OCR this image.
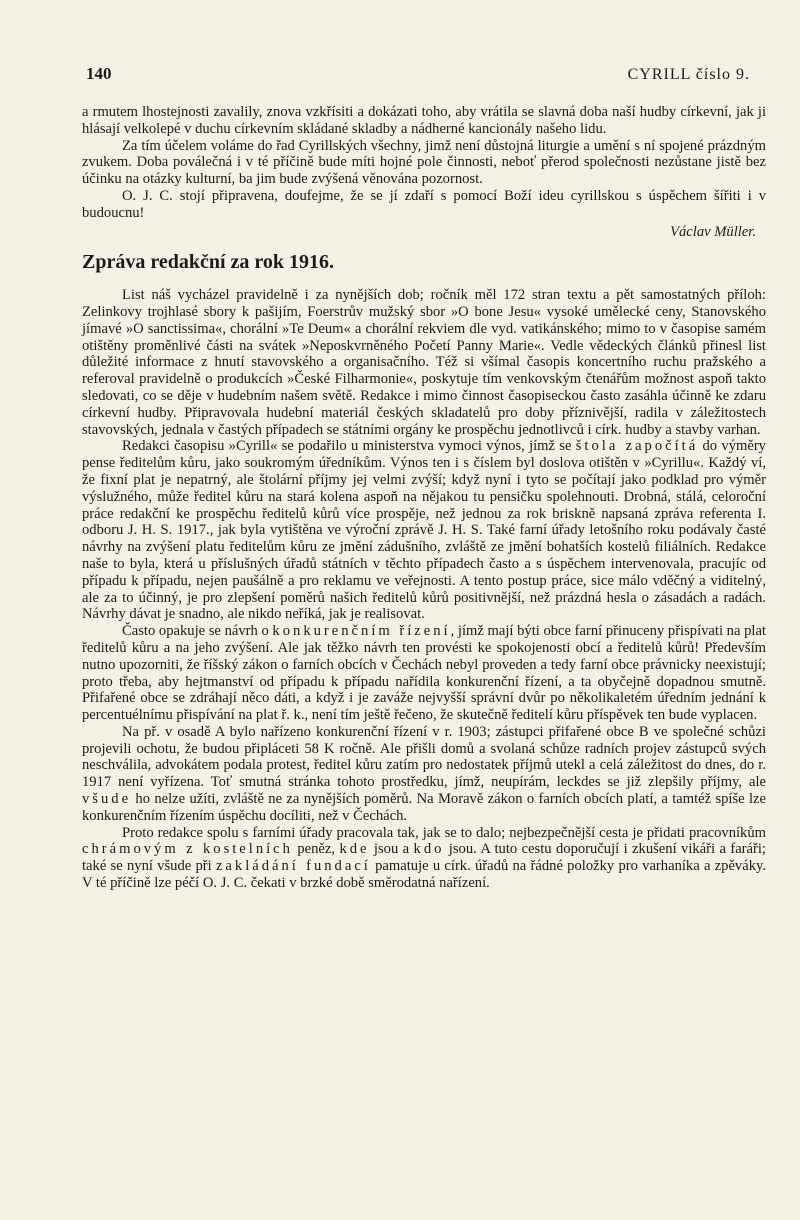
140	CYRILL číslo 9.

a rmutem lhostejnosti zavalily, znova vzkřísiti a dokázati toho, aby vrátila se slavná doba naší hudby církevní, jak ji hlásají velkolepé v duchu církevním skládané skladby a nádherné kancionály našeho lidu.

Za tím účelem voláme do řad Cyrillských všechny, jimž není důstojná liturgie a umění s ní spojené prázdným zvukem. Doba poválečná i v té příčině bude míti hojné pole činnosti, neboť přerod společnosti nezůstane jistě bez účinku na otázky kulturní, ba jim bude zvýšená věnována pozornost.

O. J. C. stojí připravena, doufejme, že se jí zdaří s pomocí Boží ideu cyrillskou s úspěchem šířiti i v budoucnu!

Václav Müller.
Zpráva redakční za rok 1916.

List náš vycházel pravidelně i za nynějších dob; ročník měl 172 stran textu a pět samostatných příloh: Zelinkovy trojhlasé sbory k pašijím, Foerstrův mužský sbor »O bone Jesu« vysoké umělecké ceny, Stanovského jímavé »O sanctissima«, chorální »Te Deum« a chorální rekviem dle vyd. vatikánského; mimo to v časopise samém otištěny proměnlivé části na svátek »Neposkvrněného Početí Panny Marie«. Vedle vědeckých článků přinesl list důležité informace z hnutí stavovského a organisačního. Též si všímal časopis koncertního ruchu pražského a referoval pravidelně o produkcích »České Filharmonie«, poskytuje tím venkovským čtenářům možnost aspoň takto sledovati, co se děje v hudebním našem světě. Redakce i mimo činnost časopiseckou často zasáhla účinně ke zdaru církevní hudby. Připravovala hudební materiál českých skladatelů pro doby příznivější, radila v záležitostech stavovských, jednala v častých případech se státními orgány ke prospěchu jednotlivců i círk. hudby a stavby varhan.

Redakci časopisu »Cyrill« se podařilo u ministerstva vymoci výnos, jímž se štola započítá do výměry pense ředitelům kůru, jako soukromým úředníkům. Výnos ten i s číslem byl doslova otištěn v »Cyrillu«. Každý ví, že fixní plat je nepatrný, ale štolární příjmy jej velmi zvýší; když nyní i tyto se počítají jako podklad pro výměr výslužného, může ředitel kůru na stará kolena aspoň na nějakou tu pensičku spolehnouti. Drobná, stálá, celoroční práce redakční ke prospěchu ředitelů kůrů více prospěje, než jednou za rok briskně napsaná zpráva referenta I. odboru J. H. S. 1917., jak byla vytištěna ve výroční zprávě J. H. S. Také farní úřady letošního roku podávaly časté návrhy na zvýšení platu ředitelům kůru ze jmění zádušního, zvláště ze jmění bohatších kostelů filiálních. Redakce naše to byla, která u příslušných úřadů státních v těchto případech často a s úspěchem intervenovala, pracujíc od případu k případu, nejen paušálně a pro reklamu ve veřejnosti. A tento postup práce, sice málo vděčný a viditelný, ale za to účinný, je pro zlepšení poměrů našich ředitelů kůrů positivnější, než prázdná hesla o zásadách a radách. Návrhy dávat je snadno, ale nikdo neříká, jak je realisovat.

Často opakuje se návrh o konkurenčním řízení, jímž mají býti obce farní přinuceny přispívati na plat ředitelů kůru a na jeho zvýšení. Ale jak těžko návrh ten provésti ke spokojenosti obcí a ředitelů kůrů! Především nutno upozorniti, že říšský zákon o farních obcích v Čechách nebyl proveden a tedy farní obce právnicky neexistují; proto třeba, aby hejtmanství od případu k případu nařídila konkurenční řízení, a ta obyčejně dopadnou smutně. Přifařené obce se zdráhají něco dáti, a když i je zaváže nejvyšší správní dvůr po několikaletém úředním jednání k percentuélnímu přispívání na plat ř. k., není tím ještě řečeno, že skutečně ředitelí kůru příspěvek ten bude vyplacen.

Na př. v osadě A bylo nařízeno konkurenční řízení v r. 1903; zástupci přifařené obce B ve společné schůzi projevili ochotu, že budou připláceti 58 K ročně. Ale přišli domů a svolaná schůze radních projev zástupců svých neschválila, advokátem podala protest, ředitel kůru zatím pro nedostatek příjmů utekl a celá záležitost do dnes, do r. 1917 není vyřízena. Toť smutná stránka tohoto prostředku, jímž, neupírám, leckdes se již zlepšily příjmy, ale všude ho nelze užíti, zvláště ne za nynějších poměrů. Na Moravě zákon o farních obcích platí, a tamtéž spíše lze konkurenčním řízením úspěchu docíliti, než v Čechách.

Proto redakce spolu s farními úřady pracovala tak, jak se to dalo; nejbezpečnější cesta je přidati pracovníkům chrámovým z kostelních peněz, kde jsou a kdo jsou. A tuto cestu doporučují i zkušení vikáři a faráři; také se nyní všude při zakládání fundací pamatuje u círk. úřadů na řádné položky pro varhaníka a zpěváky. V té příčině lze péčí O. J. C. čekati v brzké době směrodatná nařízení.
